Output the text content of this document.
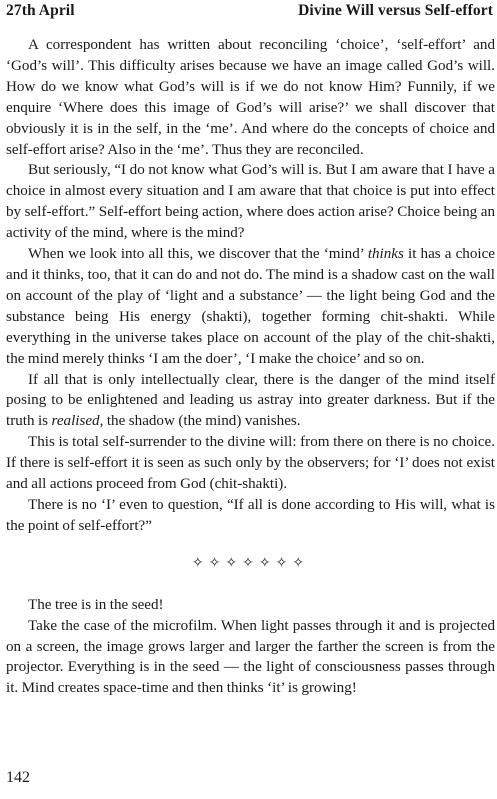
27th April	Divine Will versus Self-effort

A correspondent has written about reconciling ‘choice’, ‘self-effort’ and ‘God’s will’. This difficulty arises because we have an image called God’s will. How do we know what God’s will is if we do not know Him? Funnily, if we enquire ‘Where does this image of God’s will arise?’ we shall discover that obviously it is in the self, in the ‘me’. And where do the concepts of choice and self-effort arise? Also in the ‘me’. Thus they are reconciled.

But seriously, “I do not know what God’s will is. But I am aware that I have a choice in almost every situation and I am aware that that choice is put into effect by self-effort.” Self-effort being action, where does action arise? Choice being an activity of the mind, where is the mind?

When we look into all this, we discover that the ‘mind’ thinks it has a choice and it thinks, too, that it can do and not do. The mind is a shadow cast on the wall on account of the play of ‘light and a substance’ — the light being God and the substance being His energy (shakti), together forming chit-shakti. While everything in the universe takes place on account of the play of the chit-shakti, the mind merely thinks ‘I am the doer’, ‘I make the choice’ and so on.

If all that is only intellectually clear, there is the danger of the mind itself posing to be enlightened and leading us astray into greater darkness. But if the truth is realised, the shadow (the mind) vanishes.

This is total self-surrender to the divine will: from there on there is no choice. If there is self-effort it is seen as such only by the observers; for ‘I’ does not exist and all actions proceed from God (chit-shakti).

There is no ‘I’ even to question, “If all is done according to His will, what is the point of self-effort?”

✧✧✧✧✧✧✧

The tree is in the seed!

Take the case of the microfilm. When light passes through it and is projected on a screen, the image grows larger and larger the farther the screen is from the projector. Everything is in the seed — the light of consciousness passes through it. Mind creates space-time and then thinks ‘it’ is growing!

142
